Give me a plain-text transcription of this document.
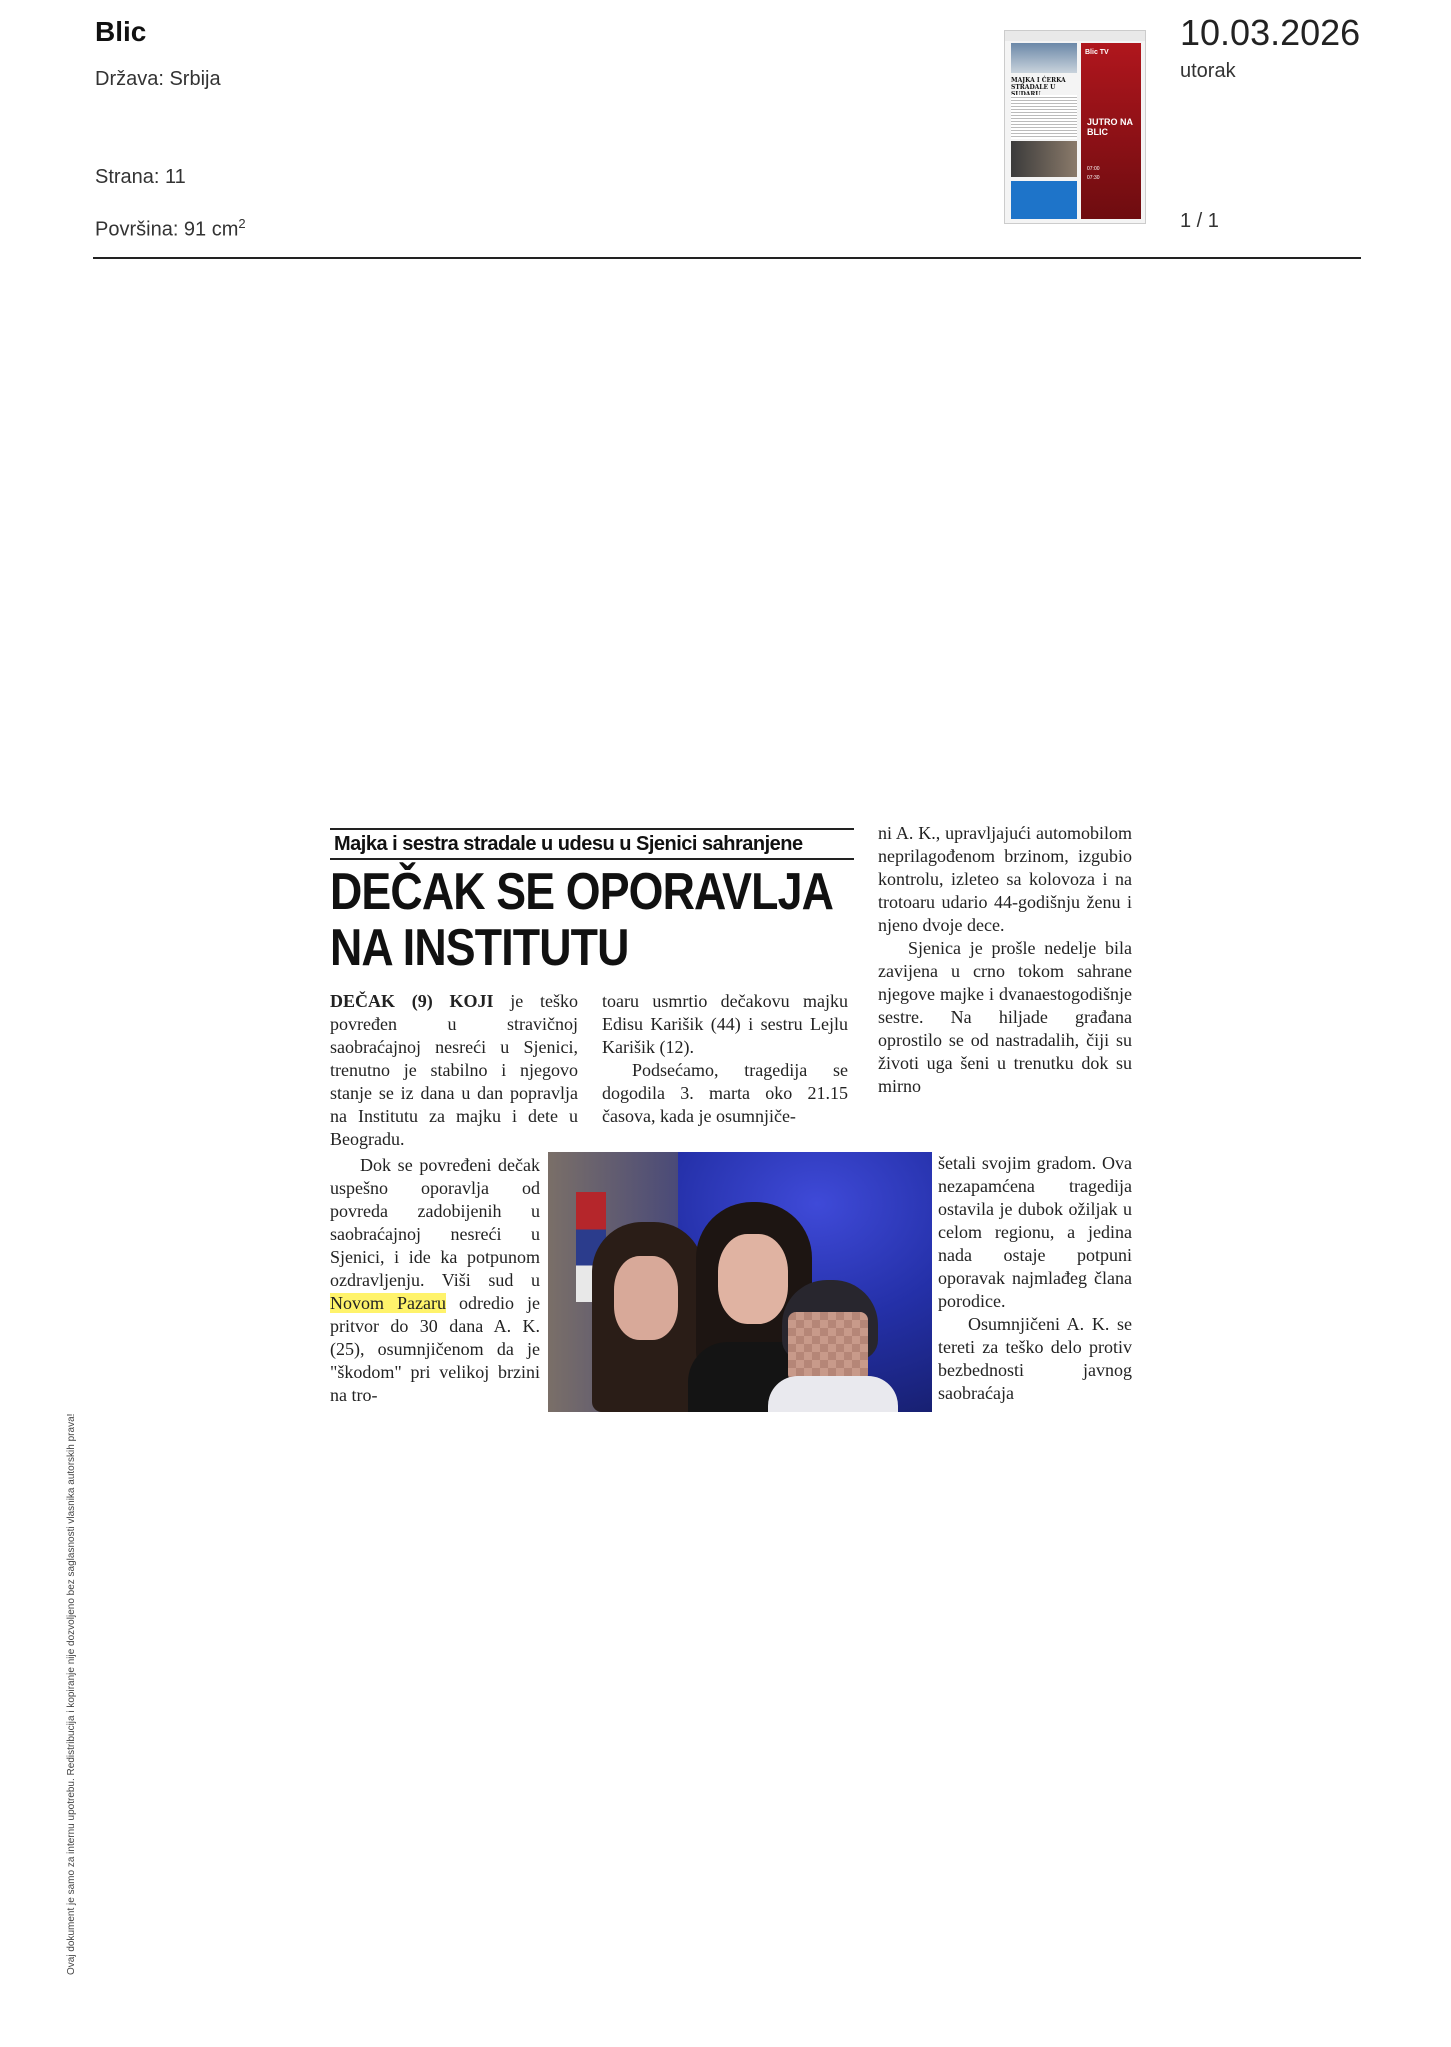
Blic
Država: Srbija
Strana: 11
Površina: 91 $cm^2$
10.03.2026
utorak
1 / 1
MAJKA I ĆERKA STRADALE U
Blic TV
JUTRO NA BLIC
07:00
07:30
Majka i sestra stradale u udesu u Sjenici sahranjene
DEČAK SE OPORAVLJA
NA INSTITUTU

DEČAK (9) KOJI je teško povređen u stravičnoj saobraćajnoj nesreći u Sjenici, trenutno je stabilno i njegovo stanje se iz dana u dan popravlja na Institutu za majku i dete u Beogradu.

Dok se povređeni dečak uspešno oporavlja od povreda zadobijenih u saobraćajnoj nesreći u Sjenici, i ide ka potpunom ozdravljenju. Viši sud u Novom Pazaru odredio je pritvor do 30 dana A. K. (25), osumnjičenom da je "škodom" pri velikoj brzini na tro-

toaru usmrtio dečakovu majku Edisu Karišik (44) i sestru Lejlu Karišik (12).

Podsećamo, tragedija se dogodila 3. marta oko 21.15 časova, kada je osumnjiče-

ni A. K., upravljajući automobilom neprilagođenom brzinom, izgubio kontrolu, izleteo sa kolovoza i na trotoaru udario 44-godišnju ženu i njeno dvoje dece.

Sjenica je prošle nedelje bila zavijena u crno tokom sahrane njegove majke i dvanaestogodišnje sestre. Na hiljade građana oprostilo se od nastradalih, čiji su životi uga šeni u trenutku dok su mirno

šetali svojim gradom. Ova nezapamćena tragedija ostavila je dubok ožiljak u celom regionu, a jedina nada ostaje potpuni oporavak najmlađeg člana porodice.

Osumnjičeni A. K. se tereti za teško delo protiv bezbednosti javnog saobraćaja

Ovaj dokument je samo za internu upotrebu. Redistribucija i kopiranje nije dozvoljeno bez saglasnosti vlasnika autorskih prava!
